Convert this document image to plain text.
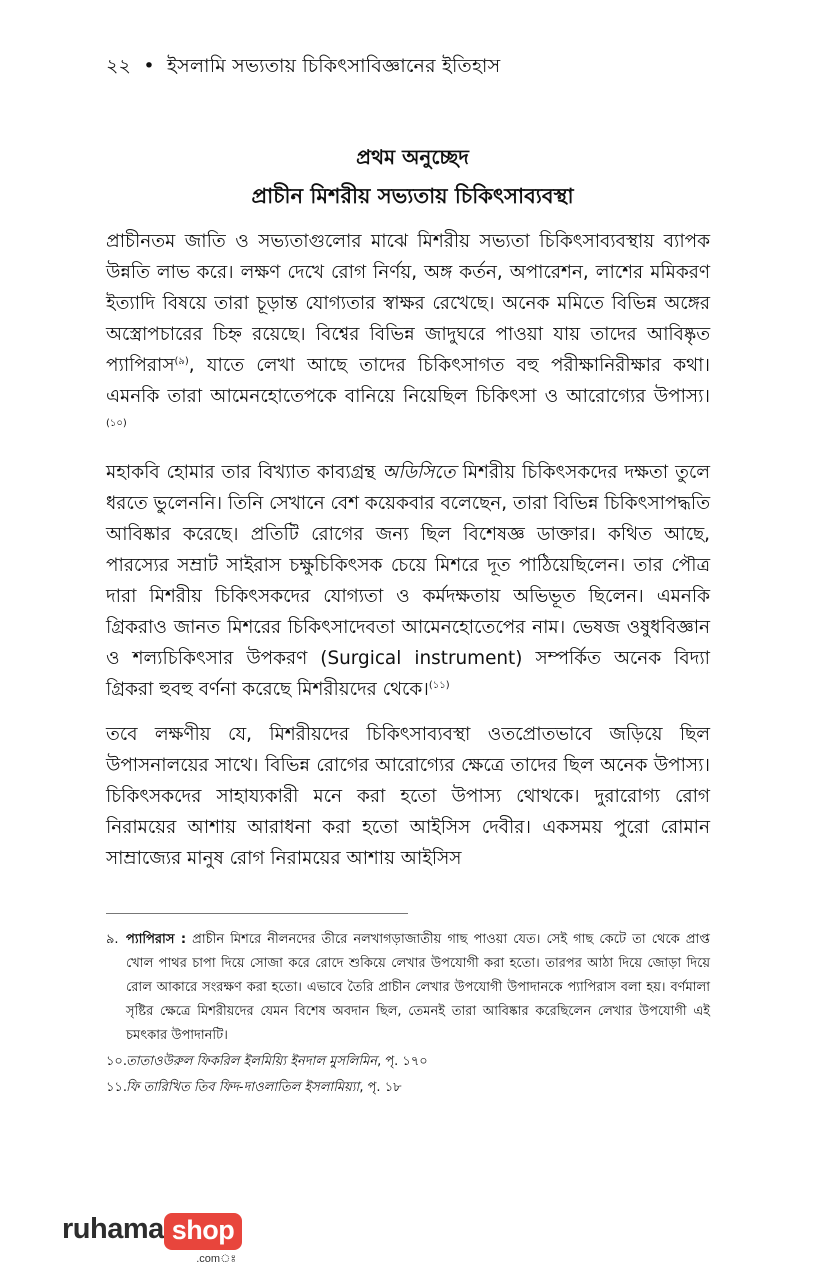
২২ • ইসলামি সভ্যতায় চিকিৎসাবিজ্ঞানের ইতিহাস
প্রথম অনুচ্ছেদ
প্রাচীন মিশরীয় সভ্যতায় চিকিৎসাব্যবস্থা

প্রাচীনতম জাতি ও সভ্যতাগুলোর মাঝে মিশরীয় সভ্যতা চিকিৎসাব্যবস্থায় ব্যাপক উন্নতি লাভ করে। লক্ষণ দেখে রোগ নির্ণয়, অঙ্গ কর্তন, অপারেশন, লাশের মমিকরণ ইত্যাদি বিষয়ে তারা চূড়ান্ত যোগ্যতার স্বাক্ষর রেখেছে। অনেক মমিতে বিভিন্ন অঙ্গের অস্ত্রোপচারের চিহ্ন রয়েছে। বিশ্বের বিভিন্ন জাদুঘরে পাওয়া যায় তাদের আবিষ্কৃত প্যাপিরাস$^{(৯)}$, যাতে লেখা আছে তাদের চিকিৎসাগত বহু পরীক্ষানিরীক্ষার কথা। এমনকি তারা আমেনহোতেপকে বানিয়ে নিয়েছিল চিকিৎসা ও আরোগ্যের উপাস্য।$^{(১০)}$

মহাকবি হোমার তার বিখ্যাত কাব্যগ্রন্থ অডিসিতে মিশরীয় চিকিৎসকদের দক্ষতা তুলে ধরতে ভুলেননি। তিনি সেখানে বেশ কয়েকবার বলেছেন, তারা বিভিন্ন চিকিৎসাপদ্ধতি আবিষ্কার করেছে। প্রতিটি রোগের জন্য ছিল বিশেষজ্ঞ ডাক্তার। কথিত আছে, পারস্যের সম্রাট সাইরাস চক্ষুচিকিৎসক চেয়ে মিশরে দূত পাঠিয়েছিলেন। তার পৌত্র দারা মিশরীয় চিকিৎসকদের যোগ্যতা ও কর্মদক্ষতায় অভিভূত ছিলেন। এমনকি গ্রিকরাও জানত মিশরের চিকিৎসাদেবতা আমেনহোতেপের নাম। ভেষজ ওষুধবিজ্ঞান ও শল্যচিকিৎসার উপকরণ (Surgical instrument) সম্পর্কিত অনেক বিদ্যা গ্রিকরা হুবহু বর্ণনা করেছে মিশরীয়দের থেকে।$^{(১১)}$

তবে লক্ষণীয় যে, মিশরীয়দের চিকিৎসাব্যবস্থা ওতপ্রোতভাবে জড়িয়ে ছিল উপাসনালয়ের সাথে। বিভিন্ন রোগের আরোগ্যের ক্ষেত্রে তাদের ছিল অনেক উপাস্য। চিকিৎসকদের সাহায্যকারী মনে করা হতো উপাস্য থোথকে। দুরারোগ্য রোগ নিরাময়ের আশায় আরাধনা করা হতো আইসিস দেবীর। একসময় পুরো রোমান সাম্রাজ্যের মানুষ রোগ নিরাময়ের আশায় আইসিস

৯. প্যাপিরাস : প্রাচীন মিশরে নীলনদের তীরে নলখাগড়াজাতীয় গাছ পাওয়া যেত। সেই গাছ কেটে তা থেকে প্রাপ্ত খোল পাথর চাপা দিয়ে সোজা করে রোদে শুকিয়ে লেখার উপযোগী করা হতো। তারপর আঠা দিয়ে জোড়া দিয়ে রোল আকারে সংরক্ষণ করা হতো। এভাবে তৈরি প্রাচীন লেখার উপযোগী উপাদানকে প্যাপিরাস বলা হয়। বর্ণমালা সৃষ্টির ক্ষেত্রে মিশরীয়দের যেমন বিশেষ অবদান ছিল, তেমনই তারা আবিষ্কার করেছিলেন লেখার উপযোগী এই চমৎকার উপাদানটি।
১০.
তাতাওউরুল ফিকরিল ইলমিয়্যি ইনদাল মুসলিমিন, পৃ. ১৭০
১১.
ফি তারিখিত তিব ফিদ-দাওলাতিল ইসলামিয়্যা, পৃ. ১৮
ruhama shop
.comঃ
